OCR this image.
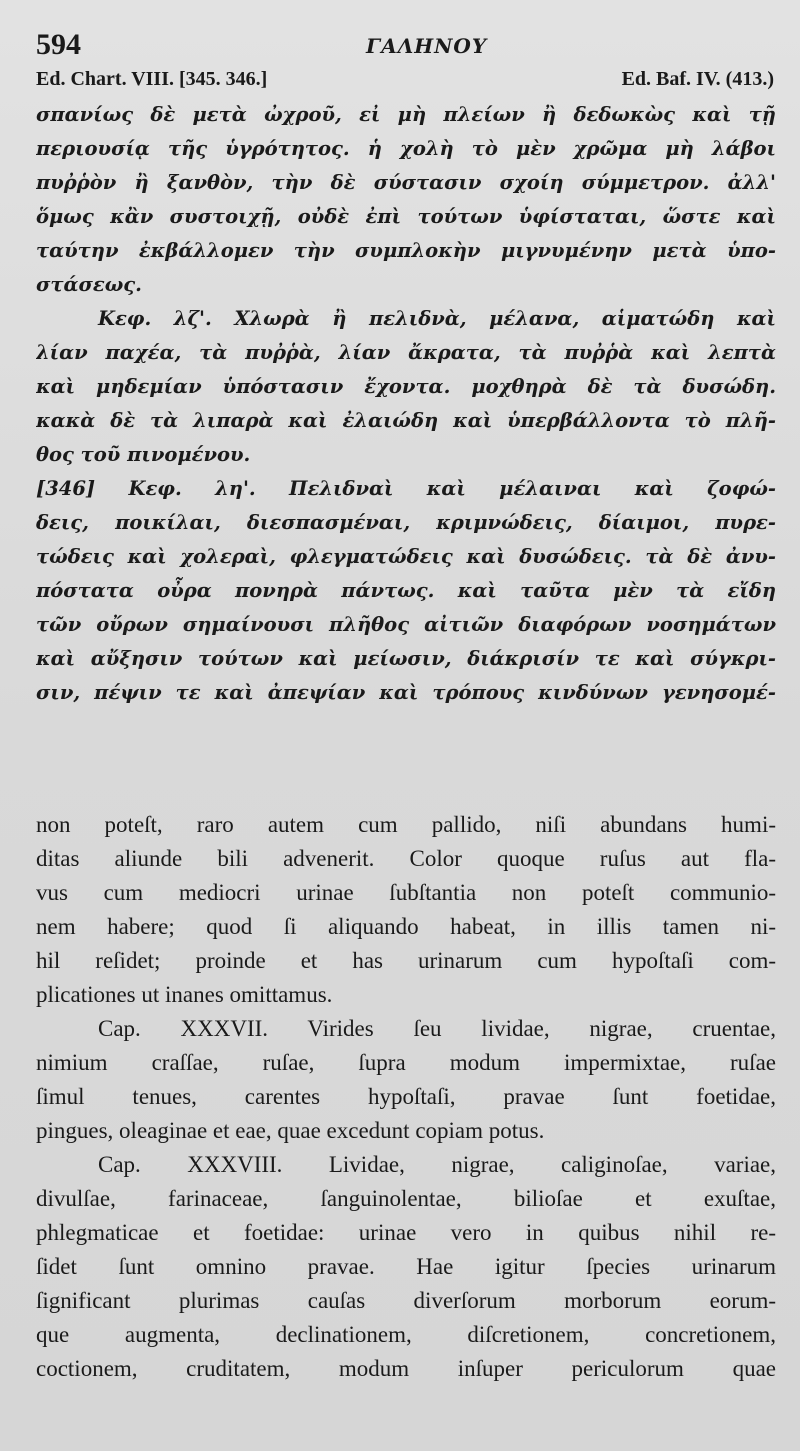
594	ΓΑΛΗΝΟΥ
Ed. Chart. VIII. [345. 346.]	Ed. Baf. IV. (413.)
σπανίως δὲ μετὰ ὠχροῦ, εἰ μὴ πλείων ἢ δεδωκὼς καὶ τῇ
περιουσίᾳ τῆς ὑγρότητος. ἡ χολὴ τὸ μὲν χρῶμα μὴ λάβοι
πυῤῥὸν ἢ ξανθὸν, τὴν δὲ σύστασιν σχοίη σύμμετρον. ἀλλ'
ὅμως κἂν συστοιχῇ, οὐδὲ ἐπὶ τούτων ὑφίσταται, ὥστε καὶ
ταύτην ἐκβάλλομεν τὴν συμπλοκὴν μιγνυμένην μετὰ ὑπο-
στάσεως.
Κεφ. λζ'. Χλωρὰ ἢ πελιδνὰ, μέλανα, αἱματώδη καὶ
λίαν παχέα, τὰ πυῤῥὰ, λίαν ἄκρατα, τὰ πυῤῥὰ καὶ λεπτὰ
καὶ μηδεμίαν ὑπόστασιν ἔχοντα. μοχθηρὰ δὲ τὰ δυσώδη.
κακὰ δὲ τὰ λιπαρὰ καὶ ἐλαιώδη καὶ ὑπερβάλλοντα τὸ πλῆ-
θος τοῦ πινομένου.
[346] Κεφ. λη'. Πελιδναὶ καὶ μέλαιναι καὶ ζοφώ-
δεις, ποικίλαι, διεσπασμέναι, κριμνώδεις, δίαιμοι, πυρε-
τώδεις καὶ χολεραὶ, φλεγματώδεις καὶ δυσώδεις. τὰ δὲ ἀνυ-
πόστατα οὖρα πονηρὰ πάντως. καὶ ταῦτα μὲν τὰ εἴδη
τῶν οὔρων σημαίνουσι πλῆθος αἰτιῶν διαφόρων νοσημάτων
καὶ αὔξησιν τούτων καὶ μείωσιν, διάκρισίν τε καὶ σύγκρι-
σιν, πέψιν τε καὶ ἀπεψίαν καὶ τρόπους κινδύνων γενησομέ-
non poteſt, raro autem cum pallido, niſi abundans humi-
ditas aliunde bili advenerit. Color quoque ruſus aut fla-
vus cum mediocri urinae ſubſtantia non poteſt communio-
nem habere; quod ſi aliquando habeat, in illis tamen ni-
hil reſidet; proinde et has urinarum cum hypoſtaſi com-
plicationes ut inanes omittamus.
Cap. XXXVII. Virides ſeu lividae, nigrae, cruentae,
nimium craſſae, ruſae, ſupra modum impermixtae, ruſae
ſimul tenues, carentes hypoſtaſi, pravae ſunt foetidae,
pingues, oleaginae et eae, quae excedunt copiam potus.
Cap. XXXVIII. Lividae, nigrae, caliginoſae, variae,
divulſae, farinaceae, ſanguinolentae, bilioſae et exuſtae,
phlegmaticae et foetidae: urinae vero in quibus nihil re-
ſidet ſunt omnino pravae. Hae igitur ſpecies urinarum
ſignificant plurimas cauſas diverſorum morborum eorum-
que augmenta, declinationem, diſcretionem, concretionem,
coctionem, cruditatem, modum inſuper periculorum quae
